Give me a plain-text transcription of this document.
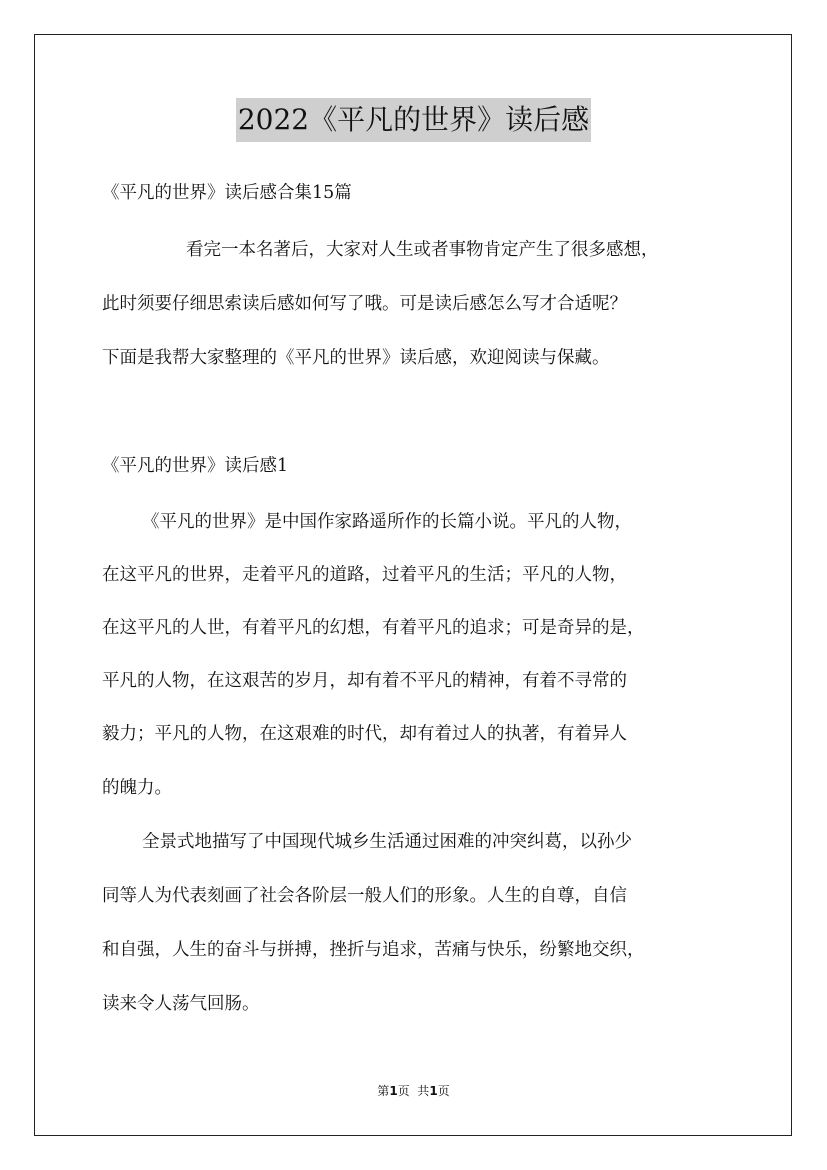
2022《平凡的世界》读后感
《平凡的世界》读后感合集15篇
看完一本名著后，大家对人生或者事物肯定产生了很多感想，
此时须要仔细思索读后感如何写了哦。可是读后感怎么写才合适呢？
下面是我帮大家整理的《平凡的世界》读后感，欢迎阅读与保藏。
《平凡的世界》读后感1
《平凡的世界》是中国作家路遥所作的长篇小说。平凡的人物，
在这平凡的世界，走着平凡的道路，过着平凡的生活；平凡的人物，
在这平凡的人世，有着平凡的幻想，有着平凡的追求；可是奇异的是，
平凡的人物，在这艰苦的岁月，却有着不平凡的精神，有着不寻常的
毅力；平凡的人物，在这艰难的时代，却有着过人的执著，有着异人
的魄力。
全景式地描写了中国现代城乡生活通过困难的冲突纠葛，以孙少
同等人为代表刻画了社会各阶层一般人们的形象。人生的自尊，自信
和自强，人生的奋斗与拼搏，挫折与追求，苦痛与快乐，纷繁地交织，
读来令人荡气回肠。
第1页  共1页
